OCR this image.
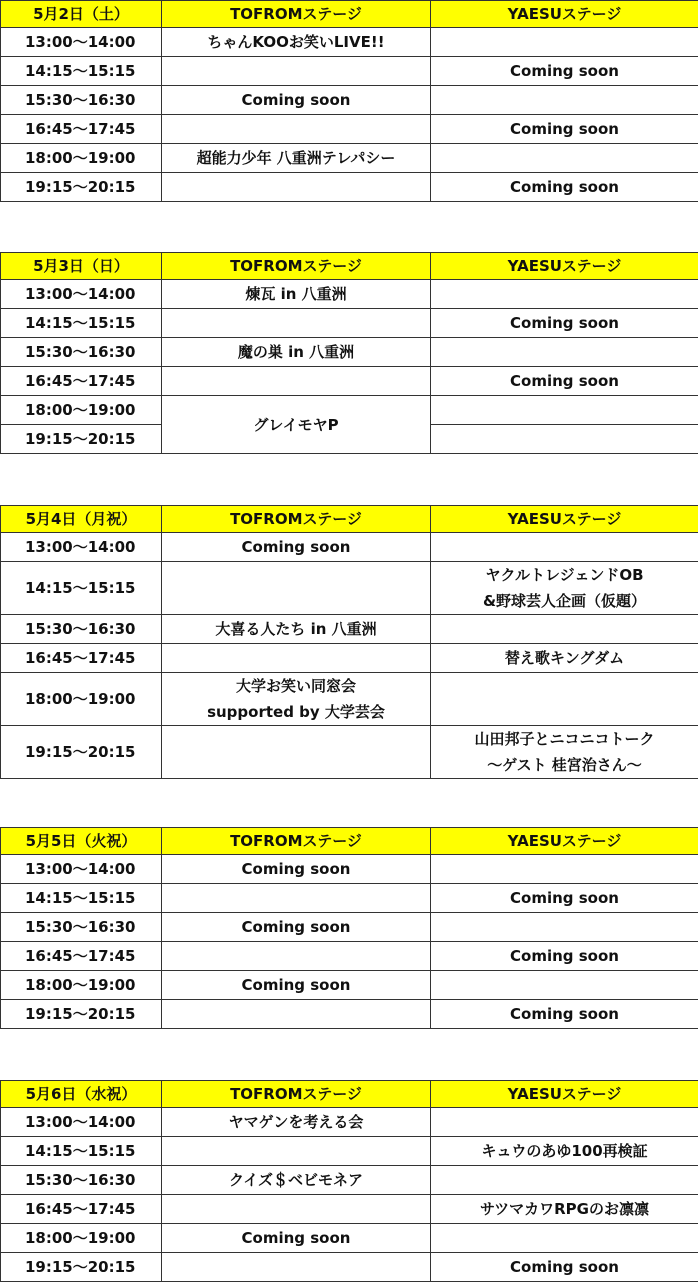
5月2日（土）	TOFROMステージ	YAESUステージ
13:00～14:00	ちゃんKOOお笑いLIVE!!	

14:15～15:15		Coming soon

15:30～16:30	Coming soon	

16:45～17:45		Coming soon

18:00～19:00	超能力少年 八重洲テレパシー	

19:15～20:15		Coming soon
5月3日（日）	TOFROMステージ	YAESUステージ
13:00～14:00	煉瓦 in 八重洲	

14:15～15:15		Coming soon

15:30～16:30	魔の巣 in 八重洲	

16:45～17:45		Coming soon

18:00～19:00	グレイモヤP	

19:15～20:15		
5月4日（月祝）	TOFROMステージ	YAESUステージ
13:00～14:00	Coming soon	

14:15～15:15		ヤクルトレジェンドOB
&野球芸人企画（仮題）

15:30～16:30	大喜る人たち in 八重洲	

16:45～17:45		替え歌キングダム

18:00～19:00	大学お笑い同窓会
supported by 大学芸会	

19:15～20:15		山田邦子とニコニコトーク
～ゲスト 桂宮治さん～
5月5日（火祝）	TOFROMステージ	YAESUステージ
13:00～14:00	Coming soon	

14:15～15:15		Coming soon

15:30～16:30	Coming soon	

16:45～17:45		Coming soon

18:00～19:00	Coming soon	

19:15～20:15		Coming soon
5月6日（水祝）	TOFROMステージ	YAESUステージ
13:00～14:00	ヤマゲンを考える会	

14:15～15:15		キュウのあゆ100再検証

15:30～16:30	クイズ＄ベビモネア	

16:45～17:45		サツマカワRPGのお凛凛

18:00～19:00	Coming soon	

19:15～20:15		Coming soon
